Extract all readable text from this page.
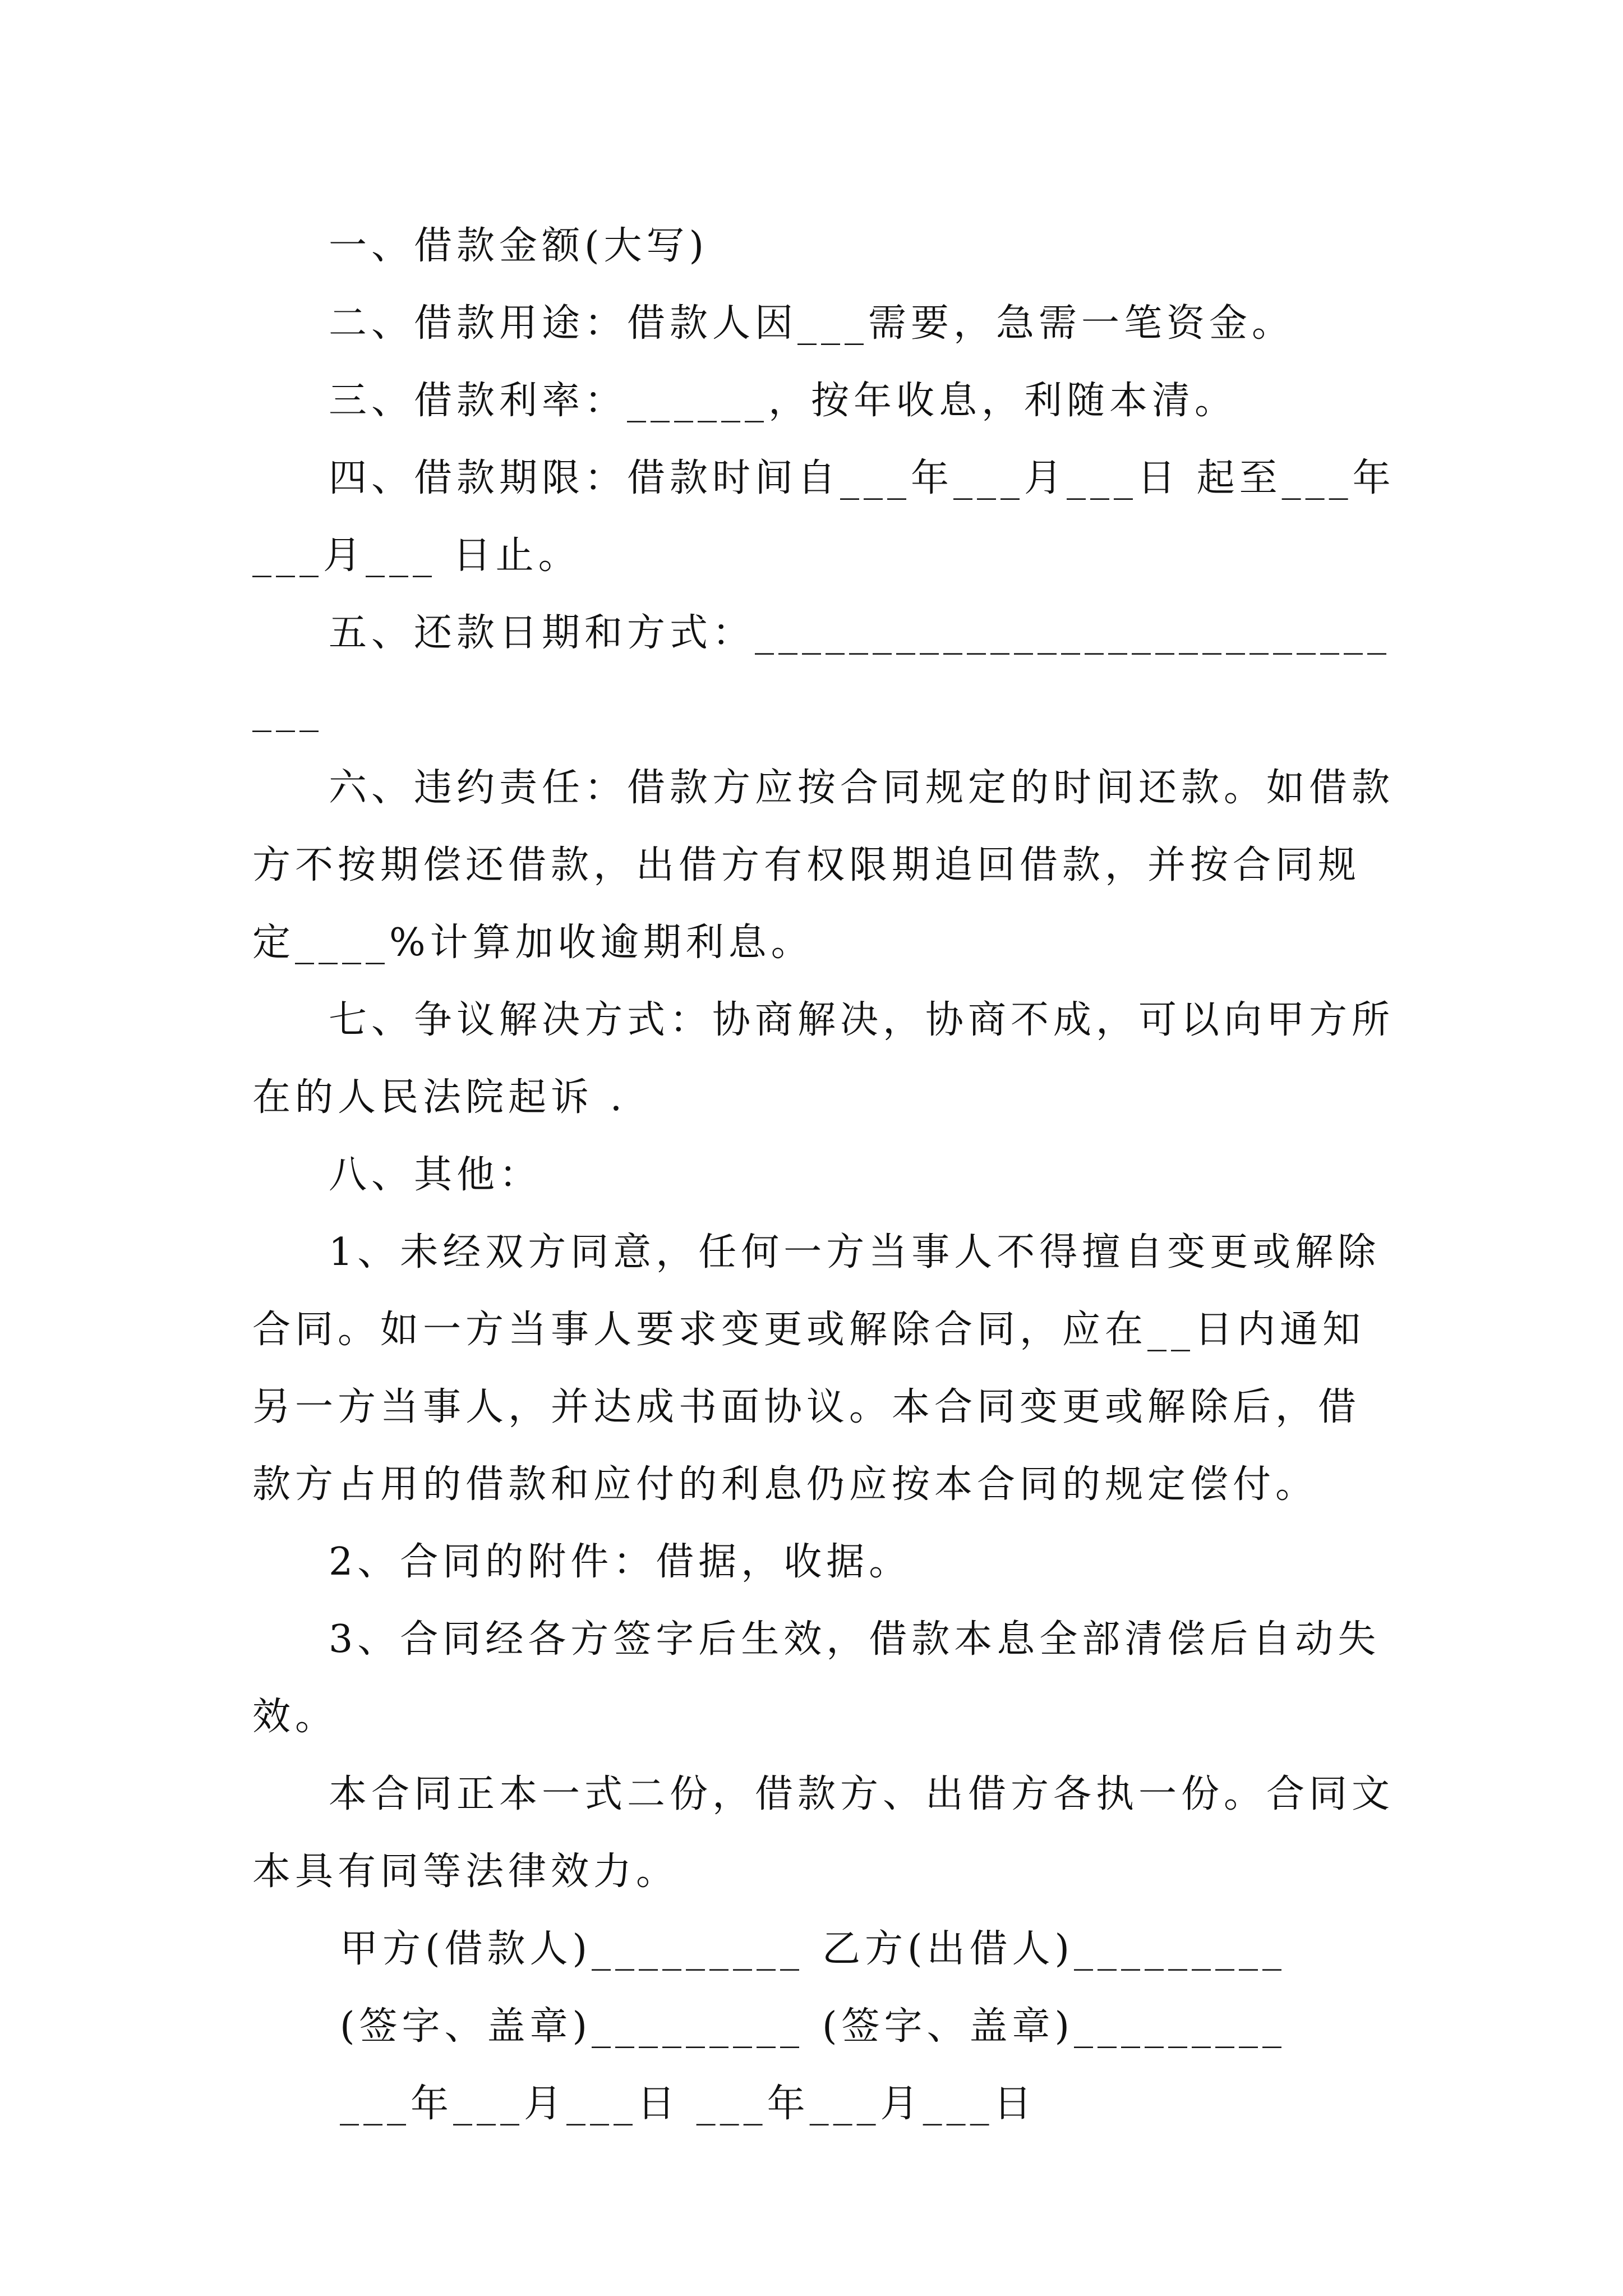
一、借款金额(大写)

二、借款用途：借款人因___需要，急需一笔资金。

三、借款利率：______，按年收息，利随本清。

四、借款期限：借款时间自___年___月___日 起至___年___月___ 日止。

五、还款日期和方式：______________________________

六、违约责任：借款方应按合同规定的时间还款。如借款方不按期偿还借款，出借方有权限期追回借款，并按合同规定____%计算加收逾期利息。

七、争议解决方式：协商解决，协商不成，可以向甲方所在的人民法院起诉 .

八、其他：

1、未经双方同意，任何一方当事人不得擅自变更或解除合同。如一方当事人要求变更或解除合同，应在__日内通知另一方当事人，并达成书面协议。本合同变更或解除后，借款方占用的借款和应付的利息仍应按本合同的规定偿付。

2、合同的附件：借据，收据。

3、合同经各方签字后生效，借款本息全部清偿后自动失效。

本合同正本一式二份，借款方、出借方各执一份。合同文本具有同等法律效力。

甲方(借款人)_________ 乙方(出借人)_________
(签字、盖章)_________ (签字、盖章)_________
___年___月___日 ___年___月___日
